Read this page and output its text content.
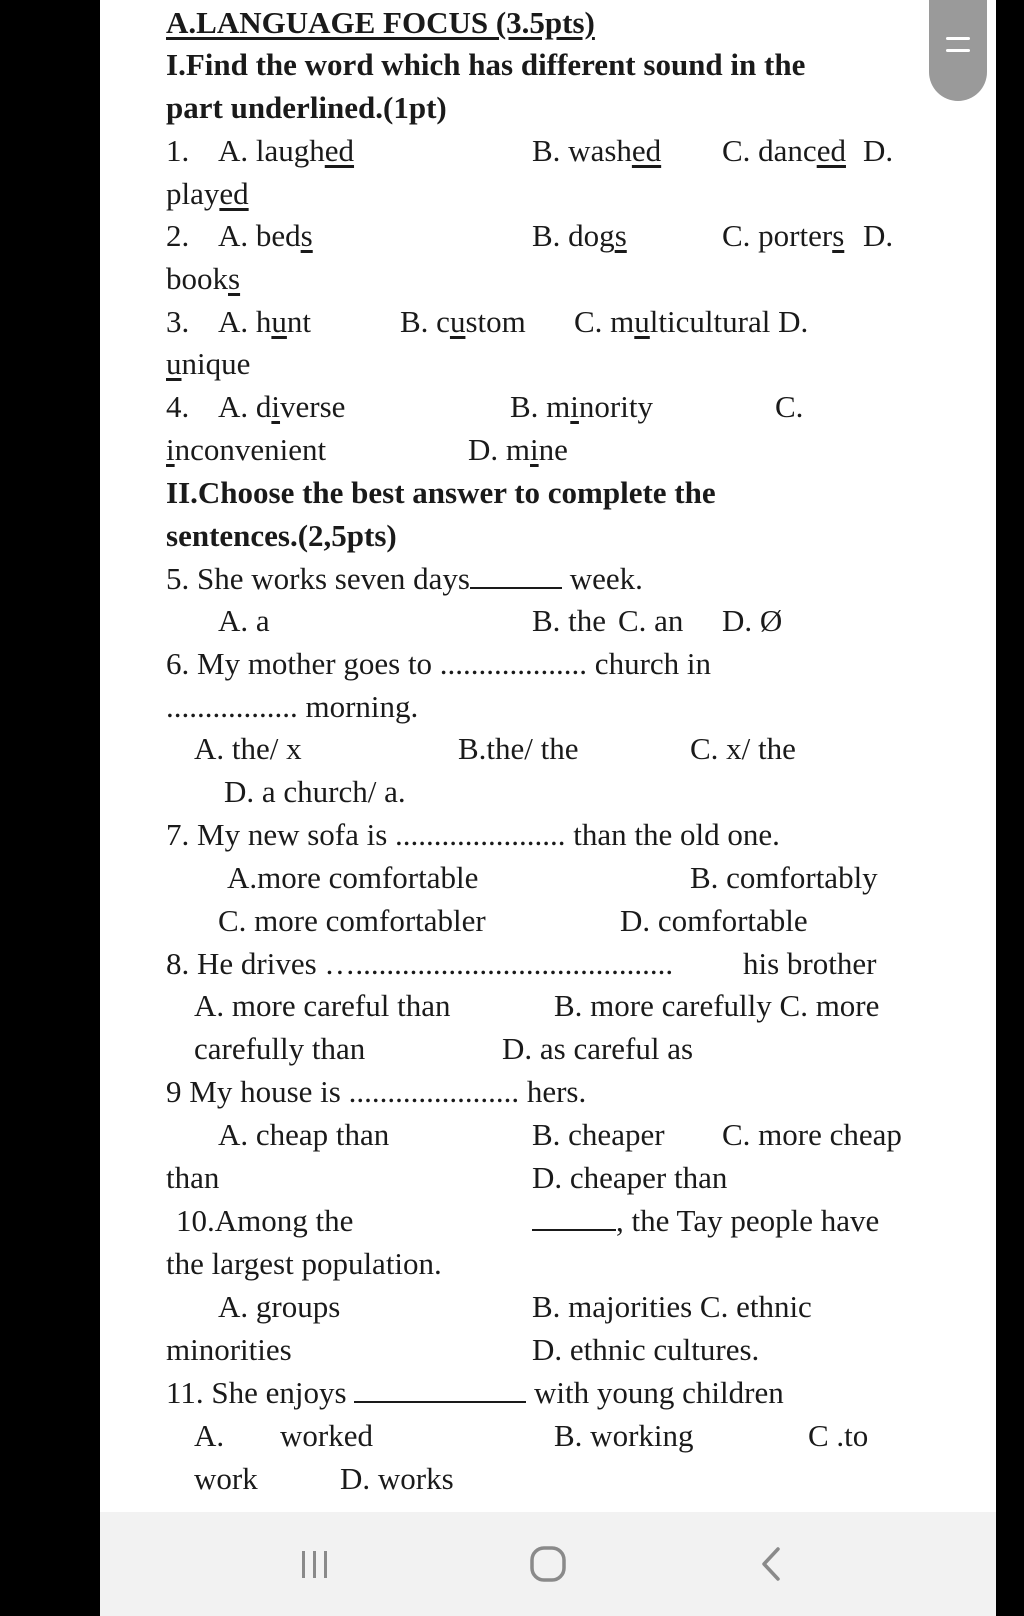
A.LANGUAGE FOCUS (3.5pts)
I.Find the word which has different sound in the
part underlined.(1pt)
1. A. laughed	B. washed C. danced D.
played
2. A. beds	B. dogs	C. porters D.
books
3. A. hunt	B. custom C. multicultural D.
unique
4. A. diverse	B. minority	C.
inconvenient	D. mine
II.Choose the best answer to complete the
sentences.(2,5pts)
5. She works seven days	week.
A. a	B. the C. an D. Ø
6. My mother goes to ................... church in
................. morning.
A. the/ x	B.the/ the	C. x/ the
D. a church/ a.
7. My new sofa is ...................... than the old one.
A.more comfortable	B. comfortably
C. more comfortabler	D. comfortable
8. He drives …......................................... his brother
A. more careful than	B. more carefully C. more
carefully than	D. as careful as
9 My house is ...................... hers.
A. cheap than	B. cheaper C. more cheap
than	D. cheaper than
10.Among the	, the Tay people have
the largest population.
A. groups	B. majorities C. ethnic
minorities	D. ethnic cultures.
11. She enjoys	with young children
A. worked	B. working	C .to
work	D. works
